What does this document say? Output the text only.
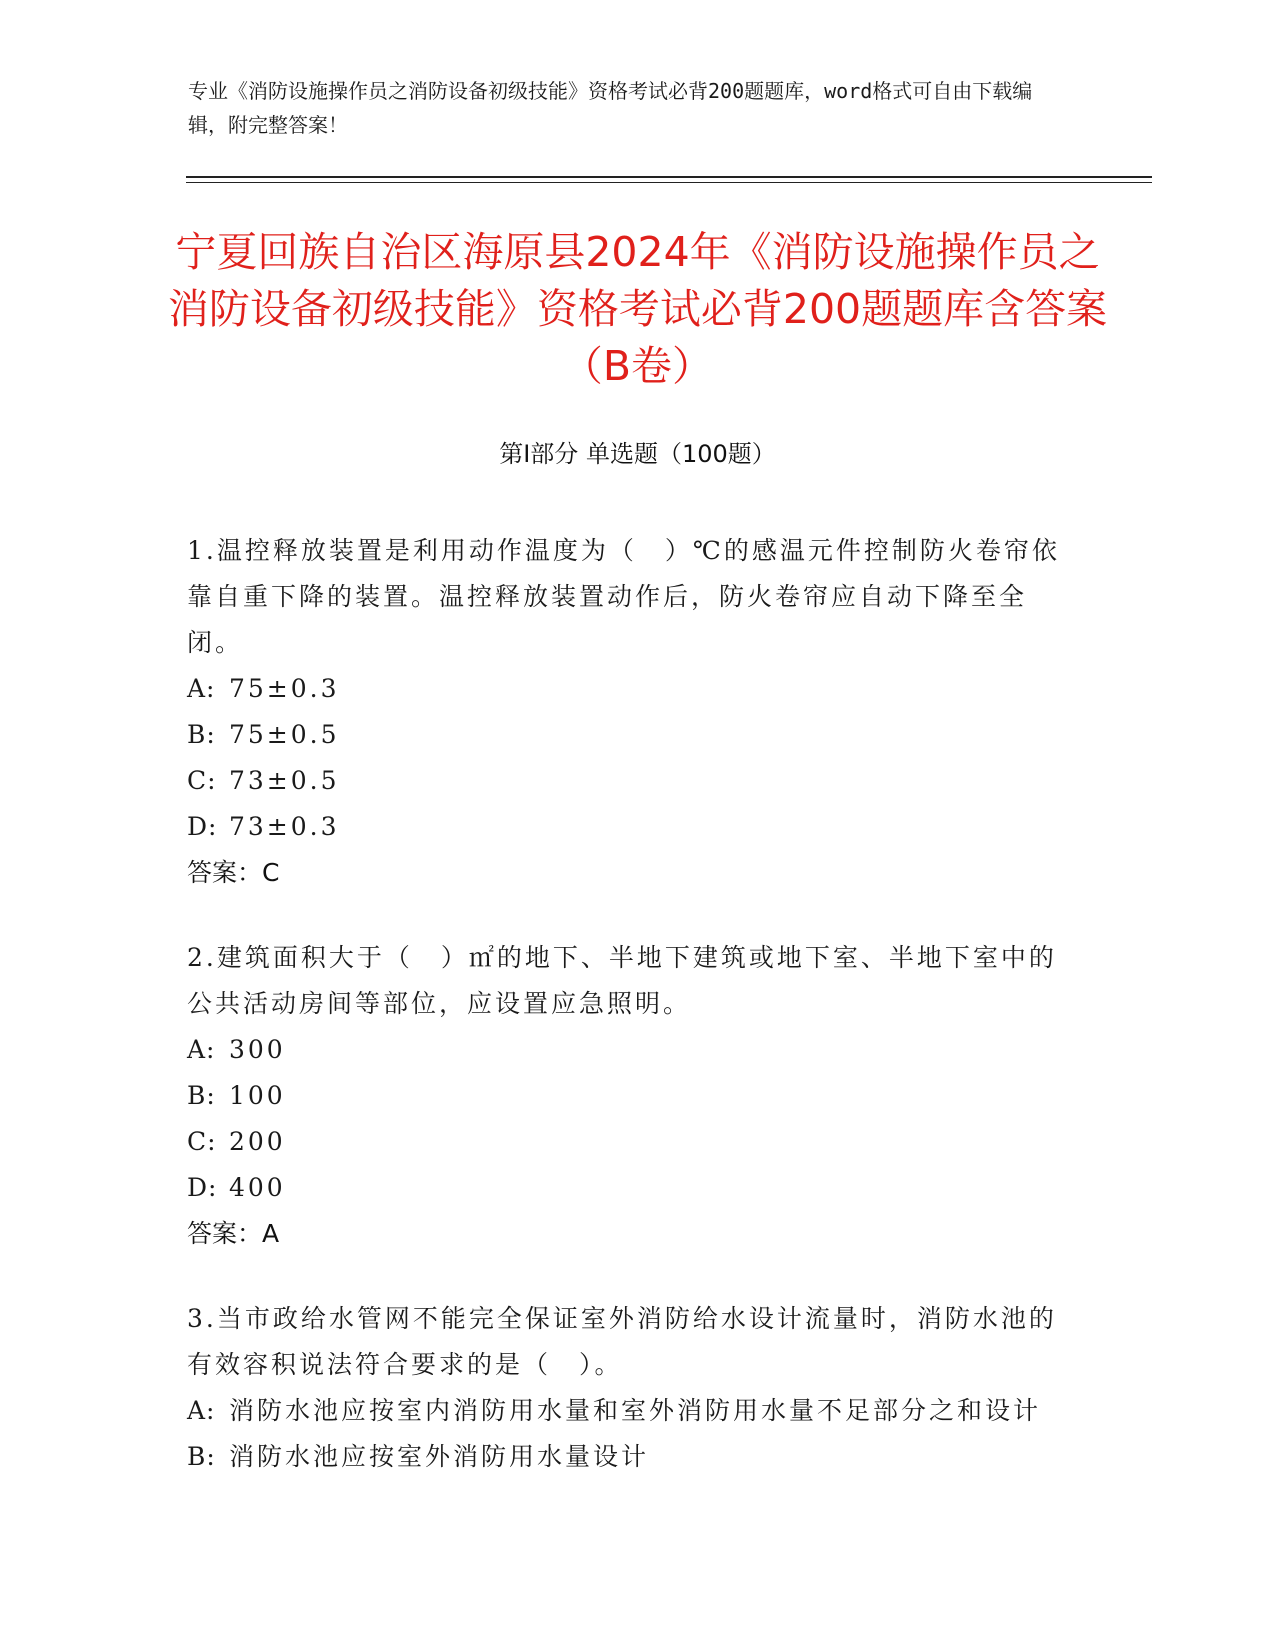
专业《消防设施操作员之消防设备初级技能》资格考试必背200题题库，word格式可自由下载编辑，附完整答案！
宁夏回族自治区海原县2024年《消防设施操作员之消防设备初级技能》资格考试必背200题题库含答案（B卷）
第I部分 单选题（100题）
1.温控释放装置是利用动作温度为（　）℃的感温元件控制防火卷帘依靠自重下降的装置。温控释放装置动作后，防火卷帘应自动下降至全闭。
A: 75±0.3
B: 75±0.5
C: 73±0.5
D: 73±0.3
答案：C
2.建筑面积大于（　）㎡的地下、半地下建筑或地下室、半地下室中的公共活动房间等部位，应设置应急照明。
A: 300
B: 100
C: 200
D: 400
答案：A
3.当市政给水管网不能完全保证室外消防给水设计流量时，消防水池的有效容积说法符合要求的是（　）。
A: 消防水池应按室内消防用水量和室外消防用水量不足部分之和设计
B: 消防水池应按室外消防用水量设计
